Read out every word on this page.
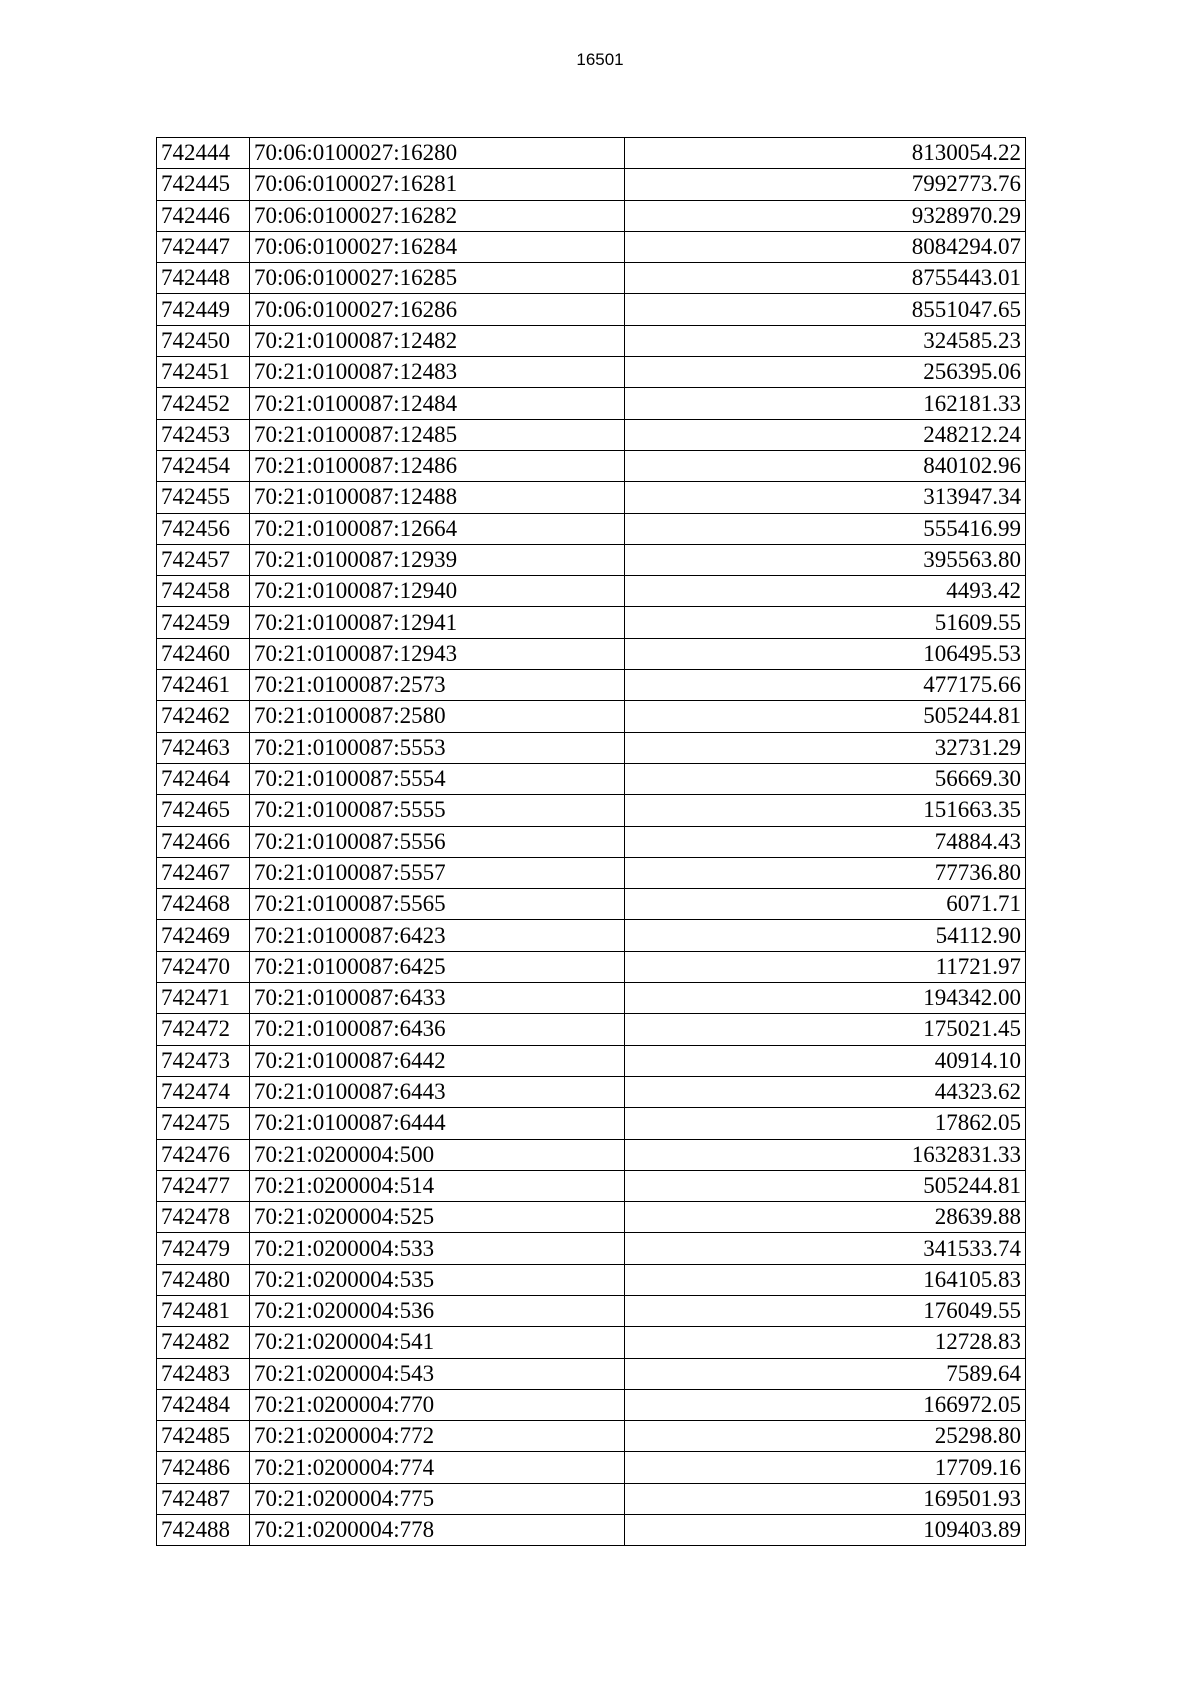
16501
742444	70:06:0100027:16280	8130054.22
742445	70:06:0100027:16281	7992773.76
742446	70:06:0100027:16282	9328970.29
742447	70:06:0100027:16284	8084294.07
742448	70:06:0100027:16285	8755443.01
742449	70:06:0100027:16286	8551047.65
742450	70:21:0100087:12482	324585.23
742451	70:21:0100087:12483	256395.06
742452	70:21:0100087:12484	162181.33
742453	70:21:0100087:12485	248212.24
742454	70:21:0100087:12486	840102.96
742455	70:21:0100087:12488	313947.34
742456	70:21:0100087:12664	555416.99
742457	70:21:0100087:12939	395563.80
742458	70:21:0100087:12940	4493.42
742459	70:21:0100087:12941	51609.55
742460	70:21:0100087:12943	106495.53
742461	70:21:0100087:2573	477175.66
742462	70:21:0100087:2580	505244.81
742463	70:21:0100087:5553	32731.29
742464	70:21:0100087:5554	56669.30
742465	70:21:0100087:5555	151663.35
742466	70:21:0100087:5556	74884.43
742467	70:21:0100087:5557	77736.80
742468	70:21:0100087:5565	6071.71
742469	70:21:0100087:6423	54112.90
742470	70:21:0100087:6425	11721.97
742471	70:21:0100087:6433	194342.00
742472	70:21:0100087:6436	175021.45
742473	70:21:0100087:6442	40914.10
742474	70:21:0100087:6443	44323.62
742475	70:21:0100087:6444	17862.05
742476	70:21:0200004:500	1632831.33
742477	70:21:0200004:514	505244.81
742478	70:21:0200004:525	28639.88
742479	70:21:0200004:533	341533.74
742480	70:21:0200004:535	164105.83
742481	70:21:0200004:536	176049.55
742482	70:21:0200004:541	12728.83
742483	70:21:0200004:543	7589.64
742484	70:21:0200004:770	166972.05
742485	70:21:0200004:772	25298.80
742486	70:21:0200004:774	17709.16
742487	70:21:0200004:775	169501.93
742488	70:21:0200004:778	109403.89
